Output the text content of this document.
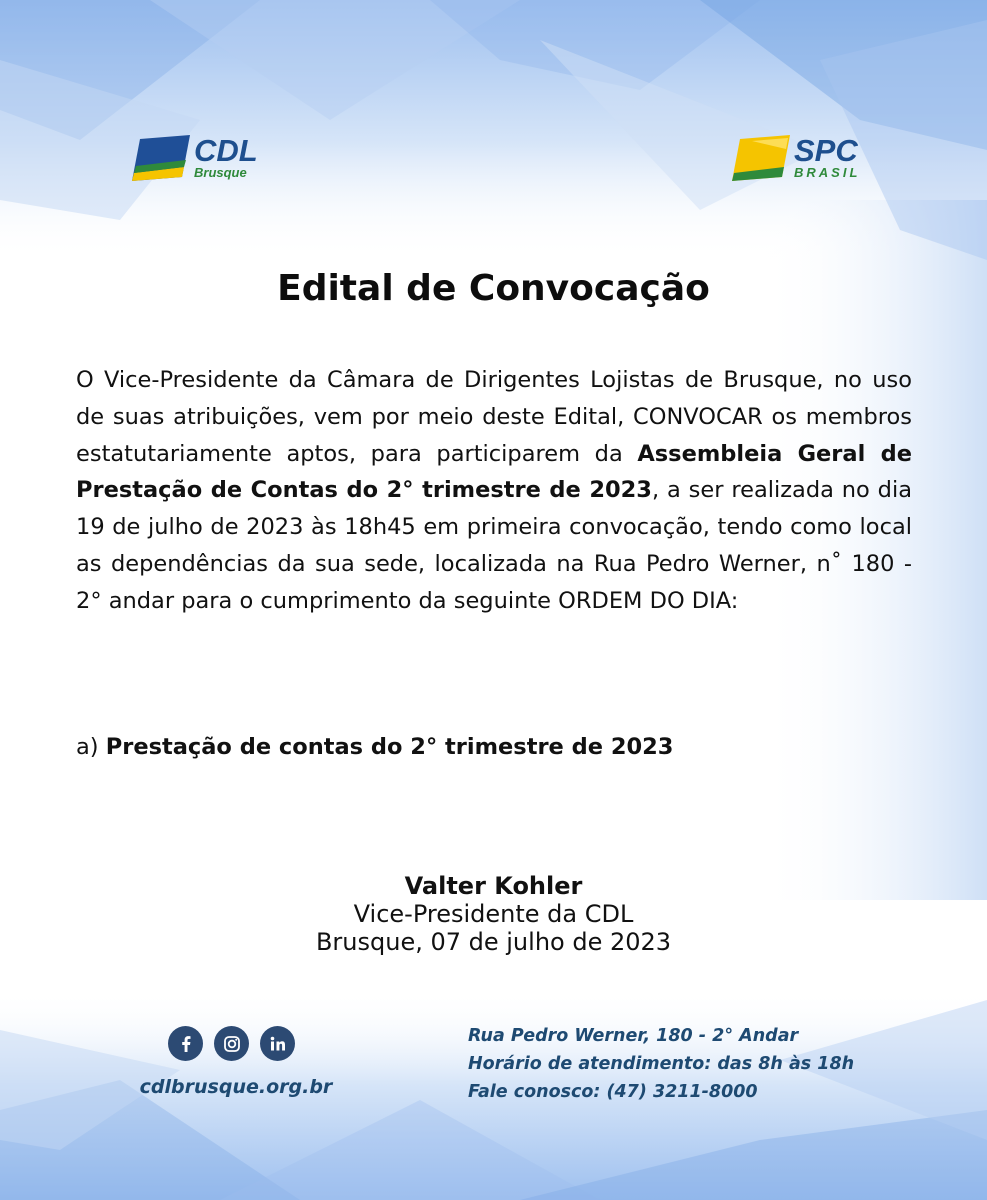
CDL
Brusque
SPC
BRASIL
Edital de Convocação

O Vice-Presidente da Câmara de Dirigentes Lojistas de Brusque, no uso de suas atribuições, vem por meio deste Edital, CONVOCAR os membros estatutariamente aptos, para participarem da Assembleia Geral de Prestação de Contas do 2° trimestre de 2023, a ser realizada no dia 19 de julho de 2023 às 18h45 em primeira convocação, tendo como local as dependências da sua sede, localizada na Rua Pedro Werner, n˚ 180 - 2° andar para o cumprimento da seguinte ORDEM DO DIA:

a) Prestação de contas do 2° trimestre de 2023

Valter Kohler
Vice-Presidente da CDL
Brusque, 07 de julho de 2023
cdlbrusque.org.br
Rua Pedro Werner, 180 - 2° Andar
Horário de atendimento: das 8h às 18h
Fale conosco: (47) 3211-8000
